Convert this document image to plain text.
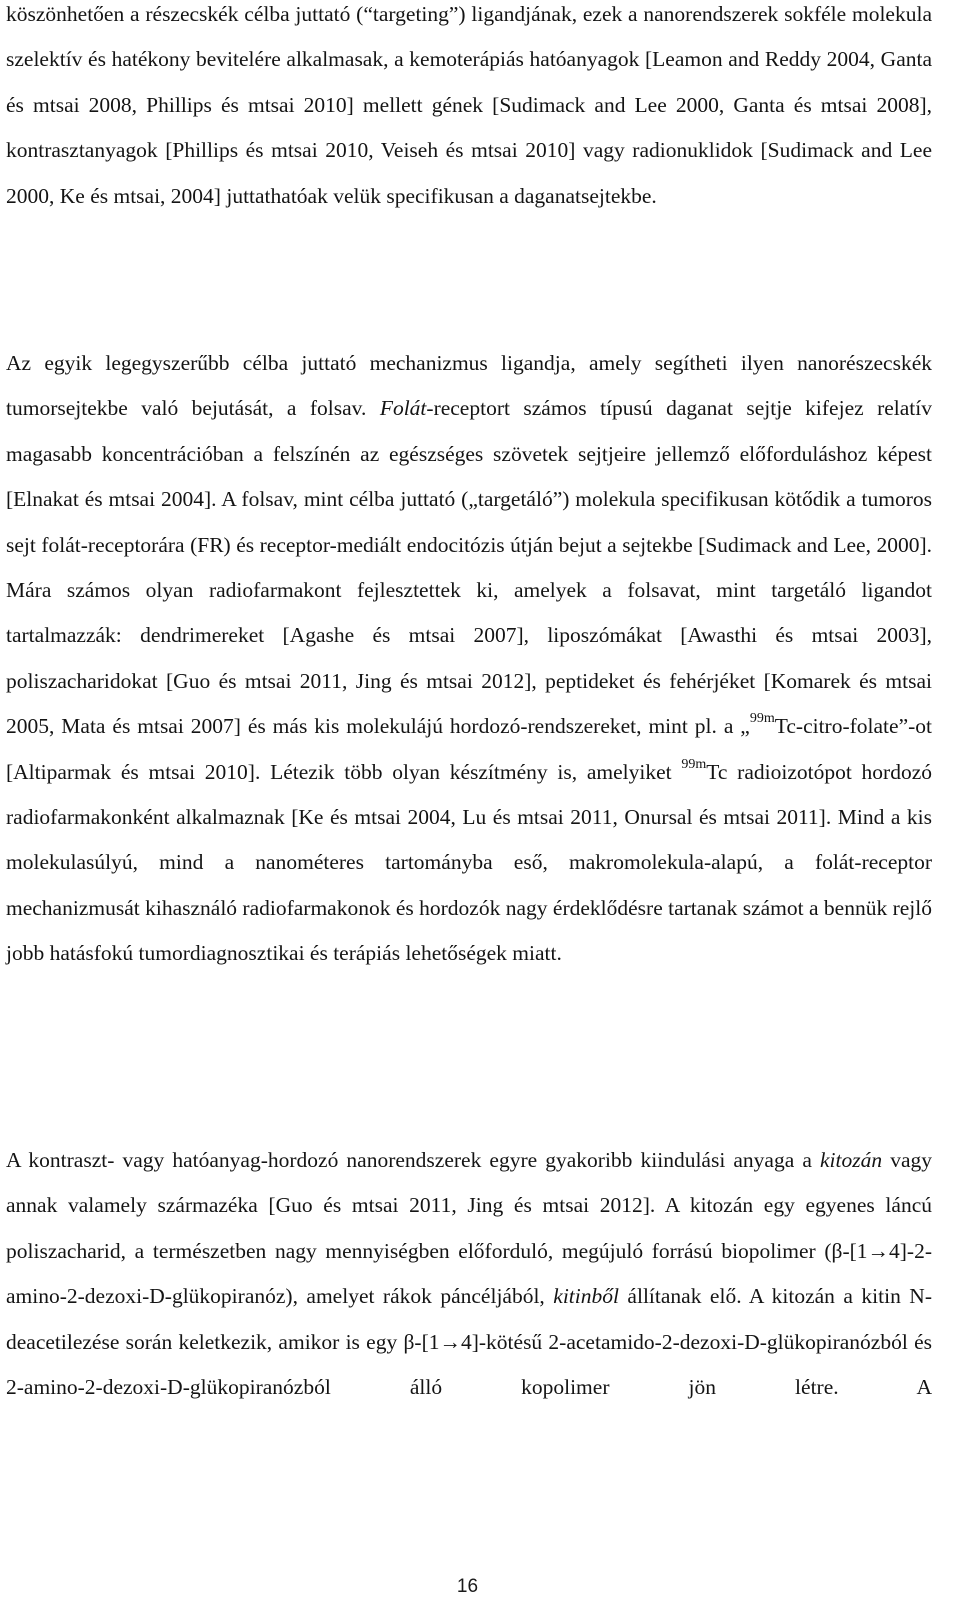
köszönhetően a részecskék célba juttató (“targeting”) ligandjának, ezek a nanorendszerek sokféle molekula szelektív és hatékony bevitelére alkalmasak, a kemoterápiás hatóanyagok [Leamon and Reddy 2004, Ganta és mtsai 2008, Phillips és mtsai 2010] mellett gének [Sudimack and Lee 2000, Ganta és mtsai 2008], kontrasztanyagok [Phillips és mtsai 2010, Veiseh és mtsai 2010] vagy radionuklidok [Sudimack and Lee 2000, Ke és mtsai, 2004] juttathatóak velük specifikusan a daganatsejtekbe.

Az egyik legegyszerűbb célba juttató mechanizmus ligandja, amely segítheti ilyen nanorészecskék tumorsejtekbe való bejutását, a folsav. Folát-receptort számos típusú daganat sejtje kifejez relatív magasabb koncentrációban a felszínén az egészséges szövetek sejtjeire jellemző előforduláshoz képest [Elnakat és mtsai 2004]. A folsav, mint célba juttató („targetáló”) molekula specifikusan kötődik a tumoros sejt folát-receptorára (FR) és receptor-mediált endocitózis útján bejut a sejtekbe [Sudimack and Lee, 2000]. Mára számos olyan radiofarmakont fejlesztettek ki, amelyek a folsavat, mint targetáló ligandot tartalmazzák: dendrimereket [Agashe és mtsai 2007], liposzómákat [Awasthi és mtsai 2003], poliszacharidokat [Guo és mtsai 2011, Jing és mtsai 2012], peptideket és fehérjéket [Komarek és mtsai 2005, Mata és mtsai 2007] és más kis molekulájú hordozó-rendszereket, mint pl. a „$^{99m}$Tc-citro-folate”-ot [Altiparmak és mtsai 2010]. Létezik több olyan készítmény is, amelyiket $^{99m}$Tc radioizotópot hordozó radiofarmakonként alkalmaznak [Ke és mtsai 2004, Lu és mtsai 2011, Onursal és mtsai 2011]. Mind a kis molekulasúlyú, mind a nanométeres tartományba eső, makromolekula-alapú, a folát-receptor mechanizmusát kihasználó radiofarmakonok és hordozók nagy érdeklődésre tartanak számot a bennük rejlő jobb hatásfokú tumordiagnosztikai és terápiás lehetőségek miatt.

A kontraszt- vagy hatóanyag-hordozó nanorendszerek egyre gyakoribb kiindulási anyaga a kitozán vagy annak valamely származéka [Guo és mtsai 2011, Jing és mtsai 2012]. A kitozán egy egyenes láncú poliszacharid, a természetben nagy mennyiségben előforduló, megújuló forrású biopolimer (β-[1→4]-2-amino-2-dezoxi-D-glükopiranóz), amelyet rákok páncéljából, kitinből állítanak elő. A kitozán a kitin N-deacetilezése során keletkezik, amikor is egy β-[1→4]-kötésű 2-acetamido-2-dezoxi-D-glükopiranózból és 2-amino-2-dezoxi-D-glükopiranózból álló kopolimer jön létre. A

16
